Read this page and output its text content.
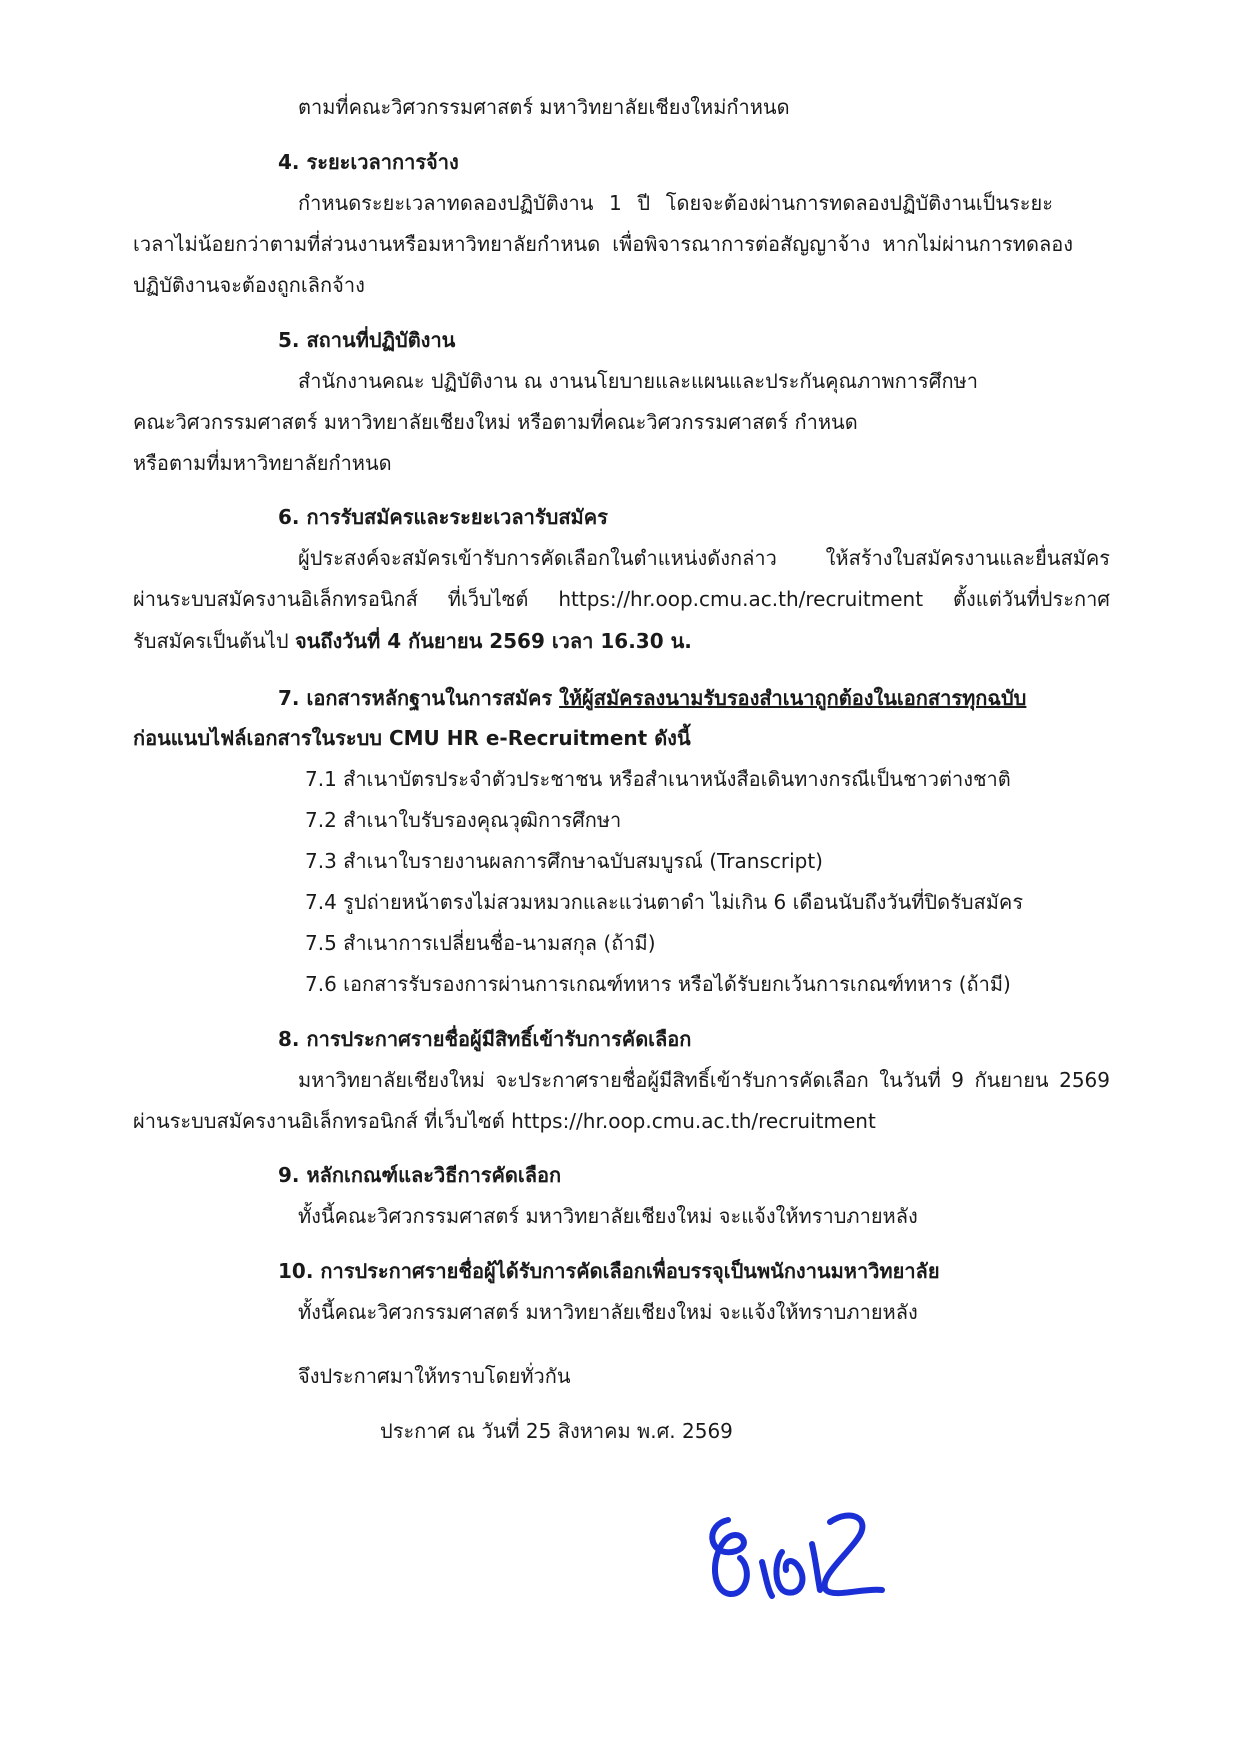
ตามที่คณะวิศวกรรมศาสตร์ มหาวิทยาลัยเชียงใหม่กำหนด

4. ระยะเวลาการจ้าง

กำหนดระยะเวลาทดลองปฏิบัติงาน 1 ปี โดยจะต้องผ่านการทดลองปฏิบัติงานเป็นระยะ

เวลาไม่น้อยกว่าตามที่ส่วนงานหรือมหาวิทยาลัยกำหนด เพื่อพิจารณาการต่อสัญญาจ้าง หากไม่ผ่านการทดลอง

ปฏิบัติงานจะต้องถูกเลิกจ้าง

5. สถานที่ปฏิบัติงาน

สำนักงานคณะ ปฏิบัติงาน ณ งานนโยบายและแผนและประกันคุณภาพการศึกษา

คณะวิศวกรรมศาสตร์ มหาวิทยาลัยเชียงใหม่ หรือตามที่คณะวิศวกรรมศาสตร์ กำหนด

หรือตามที่มหาวิทยาลัยกำหนด

6. การรับสมัครและระยะเวลารับสมัคร

ผู้ประสงค์จะสมัครเข้ารับการคัดเลือกในตำแหน่งดังกล่าว ให้สร้างใบสมัครงานและยื่นสมัคร

ผ่านระบบสมัครงานอิเล็กทรอนิกส์ ที่เว็บไซต์ https://hr.oop.cmu.ac.th/recruitment ตั้งแต่วันที่ประกาศ

รับสมัครเป็นต้นไป จนถึงวันที่ 4 กันยายน 2569 เวลา 16.30 น.

7. เอกสารหลักฐานในการสมัคร ให้ผู้สมัครลงนามรับรองสำเนาถูกต้องในเอกสารทุกฉบับ

ก่อนแนบไฟล์เอกสารในระบบ CMU HR e-Recruitment ดังนี้

7.1 สำเนาบัตรประจำตัวประชาชน หรือสำเนาหนังสือเดินทางกรณีเป็นชาวต่างชาติ

7.2 สำเนาใบรับรองคุณวุฒิการศึกษา

7.3 สำเนาใบรายงานผลการศึกษาฉบับสมบูรณ์ (Transcript)

7.4 รูปถ่ายหน้าตรงไม่สวมหมวกและแว่นตาดำ ไม่เกิน 6 เดือนนับถึงวันที่ปิดรับสมัคร

7.5 สำเนาการเปลี่ยนชื่อ-นามสกุล (ถ้ามี)

7.6 เอกสารรับรองการผ่านการเกณฑ์ทหาร หรือได้รับยกเว้นการเกณฑ์ทหาร (ถ้ามี)

8. การประกาศรายชื่อผู้มีสิทธิ์เข้ารับการคัดเลือก

มหาวิทยาลัยเชียงใหม่ จะประกาศรายชื่อผู้มีสิทธิ์เข้ารับการคัดเลือก ในวันที่ 9 กันยายน 2569

ผ่านระบบสมัครงานอิเล็กทรอนิกส์ ที่เว็บไซต์ https://hr.oop.cmu.ac.th/recruitment

9. หลักเกณฑ์และวิธีการคัดเลือก

ทั้งนี้คณะวิศวกรรมศาสตร์ มหาวิทยาลัยเชียงใหม่ จะแจ้งให้ทราบภายหลัง

10. การประกาศรายชื่อผู้ได้รับการคัดเลือกเพื่อบรรจุเป็นพนักงานมหาวิทยาลัย

ทั้งนี้คณะวิศวกรรมศาสตร์ มหาวิทยาลัยเชียงใหม่ จะแจ้งให้ทราบภายหลัง

จึงประกาศมาให้ทราบโดยทั่วกัน

ประกาศ ณ วันที่ 25 สิงหาคม พ.ศ. 2569
